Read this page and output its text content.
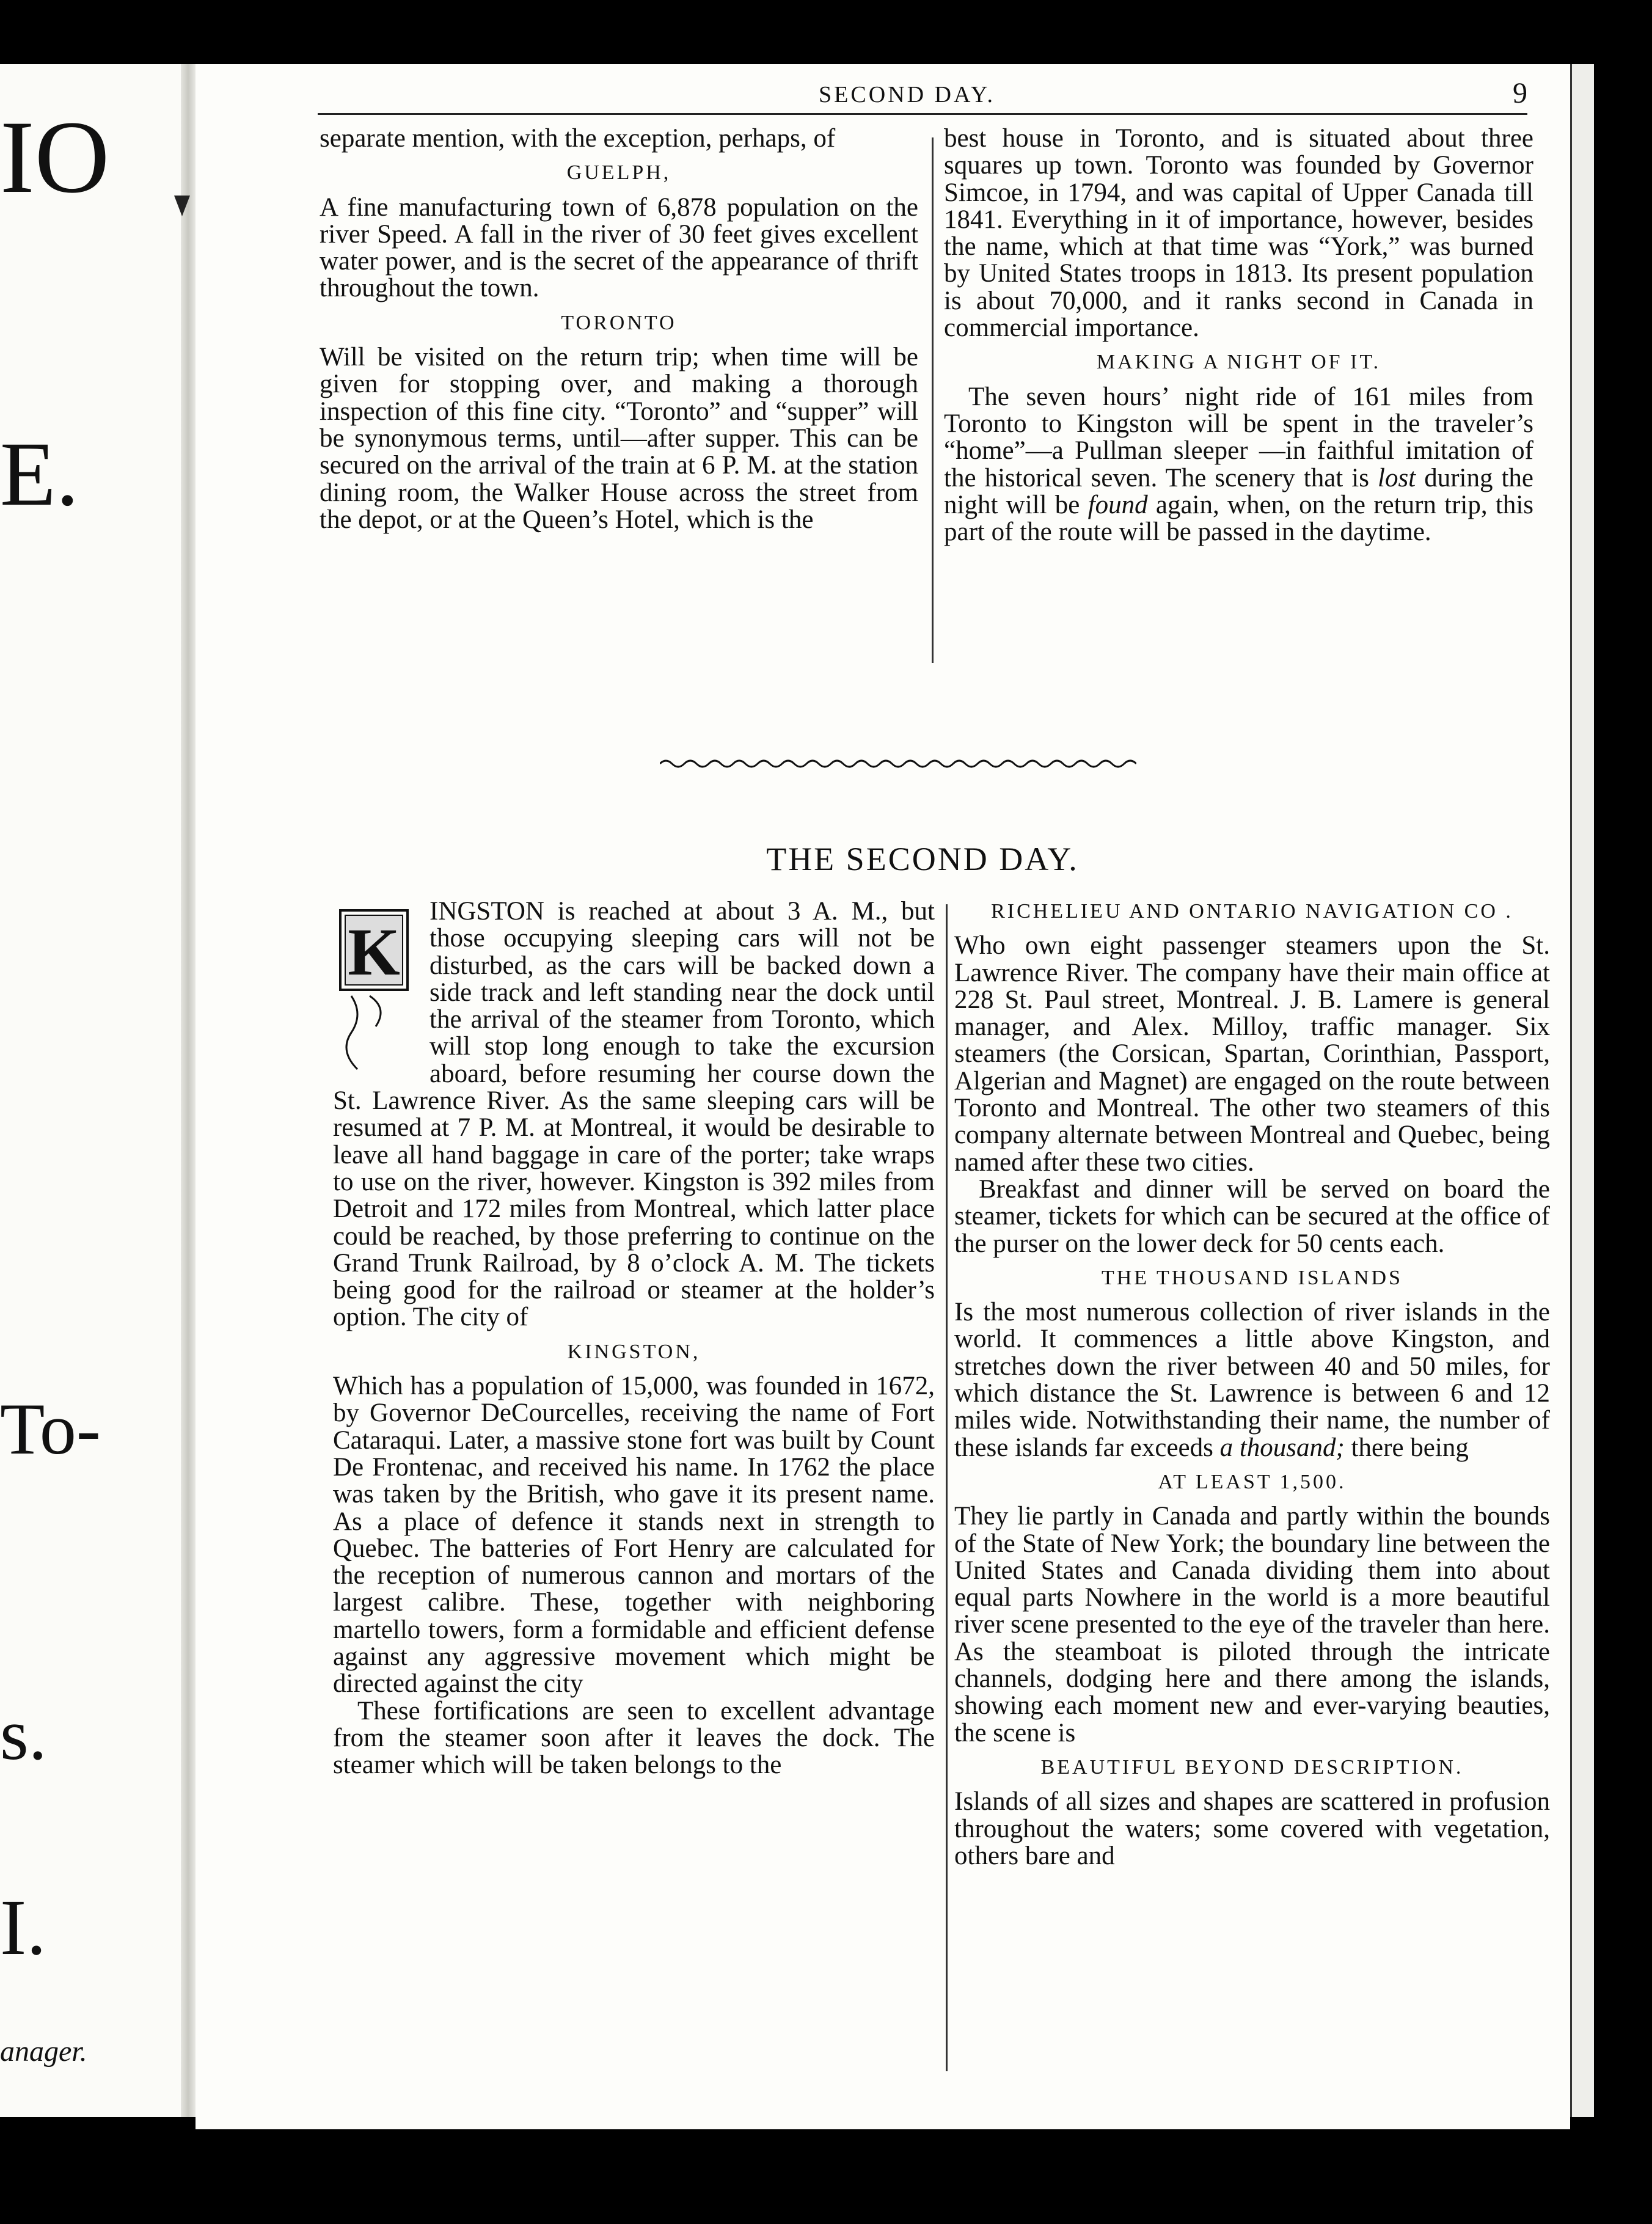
IO
E.
To-
s.
I.
anager.
SECOND DAY.	9

separate mention, with the exception, perhaps, of

GUELPH,

A fine manufacturing town of 6,878 population on the river Speed. A fall in the river of 30 feet gives excellent water power, and is the secret of the appearance of thrift throughout the town.

TORONTO

Will be visited on the return trip; when time will be given for stopping over, and making a thorough inspection of this fine city. “Toronto” and “supper” will be synonymous terms, until—after supper. This can be secured on the arrival of the train at 6 P. M. at the station dining room, the Walker House across the street from the depot, or at the Queen’s Hotel, which is the

best house in Toronto, and is situated about three squares up town. Toronto was founded by Governor Simcoe, in 1794, and was capital of Upper Canada till 1841. Everything in it of importance, however, besides the name, which at that time was “York,” was burned by United States troops in 1813. Its present population is about 70,000, and it ranks second in Canada in commercial importance.

MAKING A NIGHT OF IT.

The seven hours’ night ride of 161 miles from Toronto to Kingston will be spent in the traveler’s “home”—a Pullman sleeper —in faithful imitation of the historical seven. The scenery that is lost during the night will be found again, when, on the return trip, this part of the route will be passed in the daytime.

THE SECOND DAY.

K
INGSTON is reached at about 3 A. M., but those occupying sleeping cars will not be disturbed, as the cars will be backed down a side track and left standing near the dock until the arrival of the steamer from Toronto, which will stop long enough to take the excursion aboard, before resuming her course down the St. Lawrence River. As the same sleeping cars will be resumed at 7 P. M. at Montreal, it would be desirable to leave all hand baggage in care of the porter; take wraps to use on the river, however. Kingston is 392 miles from Detroit and 172 miles from Montreal, which latter place could be reached, by those preferring to continue on the Grand Trunk Railroad, by 8 o’clock A. M. The tickets being good for the railroad or steamer at the holder’s option. The city of

KINGSTON,

Which has a population of 15,000, was founded in 1672, by Governor DeCourcelles, receiving the name of Fort Cataraqui. Later, a massive stone fort was built by Count De Frontenac, and received his name. In 1762 the place was taken by the British, who gave it its present name. As a place of defence it stands next in strength to Quebec. The batteries of Fort Henry are calculated for the reception of numerous cannon and mortars of the largest calibre. These, together with neighboring martello towers, form a formidable and efficient defense against any aggressive movement which might be directed against the city

These fortifications are seen to excellent advantage from the steamer soon after it leaves the dock. The steamer which will be taken belongs to the

RICHELIEU AND ONTARIO NAVIGATION CO .

Who own eight passenger steamers upon the St. Lawrence River. The company have their main office at 228 St. Paul street, Montreal. J. B. Lamere is general manager, and Alex. Milloy, traffic manager. Six steamers (the Corsican, Spartan, Corinthian, Passport, Algerian and Magnet) are engaged on the route between Toronto and Montreal. The other two steamers of this company alternate between Montreal and Quebec, being named after these two cities.

Breakfast and dinner will be served on board the steamer, tickets for which can be secured at the office of the purser on the lower deck for 50 cents each.

THE THOUSAND ISLANDS

Is the most numerous collection of river islands in the world. It commences a little above Kingston, and stretches down the river between 40 and 50 miles, for which distance the St. Lawrence is between 6 and 12 miles wide. Notwithstanding their name, the number of these islands far exceeds a thousand; there being

AT LEAST 1,500.

They lie partly in Canada and partly within the bounds of the State of New York; the boundary line between the United States and Canada dividing them into about equal parts Nowhere in the world is a more beautiful river scene presented to the eye of the traveler than here. As the steamboat is piloted through the intricate channels, dodging here and there among the islands, showing each moment new and ever-varying beauties, the scene is

BEAUTIFUL BEYOND DESCRIPTION.

Islands of all sizes and shapes are scattered in profusion throughout the waters; some covered with vegetation, others bare and
